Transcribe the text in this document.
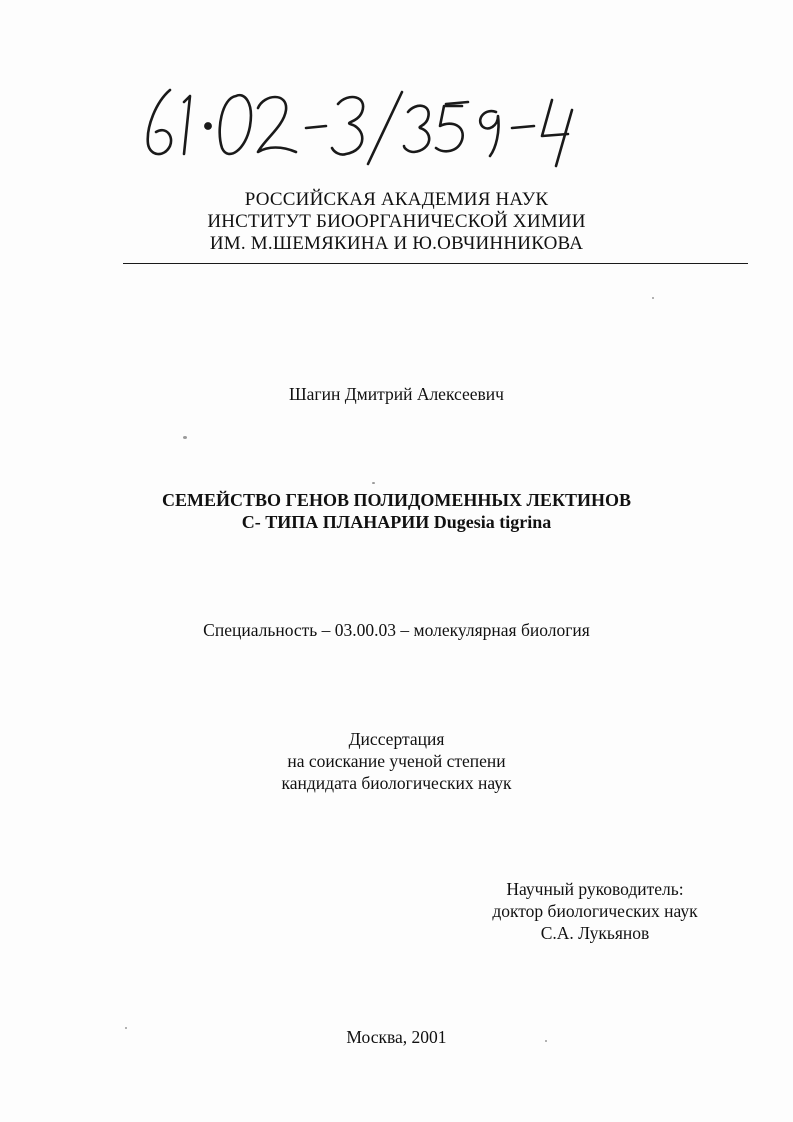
РОССИЙСКАЯ АКАДЕМИЯ НАУК
ИНСТИТУТ БИООРГАНИЧЕСКОЙ ХИМИИ
ИМ. М.ШЕМЯКИНА И Ю.ОВЧИННИКОВА
Шагин Дмитрий Алексеевич
СЕМЕЙСТВО ГЕНОВ ПОЛИДОМЕННЫХ ЛЕКТИНОВ
С- ТИПА ПЛАНАРИИ Dugesia tigrina
Специальность – 03.00.03 – молекулярная биология
Диссертация
на соискание ученой степени
кандидата биологических наук
Научный руководитель:
доктор биологических наук
С.А. Лукьянов
Москва, 2001
